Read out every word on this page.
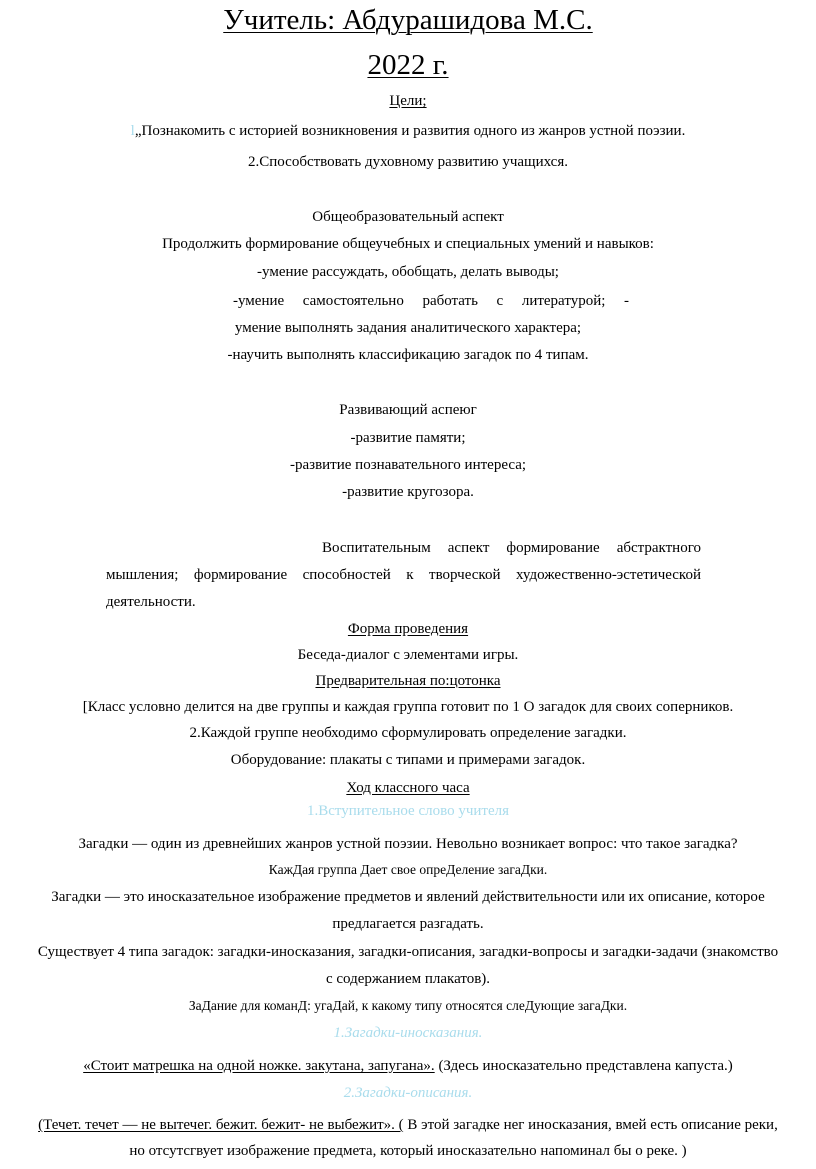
Учитель: Абдурашидова М.С.
2022 г.
Цели;
l„Познакомить с историей возникновения и развития одного из жанров устной поэзии.
2.Способствовать духовному развитию учащихся.
Общеобразовательный аспект
Продолжить формирование общеучебных и специальных умений и навыков:
-умение рассуждать, обобщать, делать выводы;
-умение самостоятельно работать с литературой; -
умение выполнять задания аналитического характера;
-научить выполнять классификацию загадок по 4 типам.
Развивающий аспеюг
-развитие памяти;
-развитие познавательного интереса;
-развитие кругозора.
Воспитательным аспект формирование абстрактного
мышления; формирование способностей к творческой художественно-эстетической
деятельности.
Форма проведения
Беседа-диалог с элементами игры.
Предварительная по:цотонка
[Класс условно делится на две группы и каждая группа готовит по 1 О загадок для своих соперников.
2.Каждой группе необходимо сформулировать определение загадки.
Оборудование: плакаты с типами и примерами загадок.
Ход классного часа
1.Вступительное слово учителя
Загадки — один из древнейших жанров устной поэзии. Невольно возникает вопрос: что такое загадка?
КажДая группа Дает свое опреДеление загаДки.
Загадки — это иносказательное изображение предметов и явлений действительности или их описание, которое
предлагается разгадать.
Существует 4 типа загадок: загадки-иносказания, загадки-описания, загадки-вопросы и загадки-задачи (знакомство
с содержанием плакатов).
ЗаДание для команД: угаДай, к какому типу относятся слеДующие загаДки.
1.Загадки-иносказания.
«Стоит матрешка на одной ножке. закутана, запугана». (Здесь иносказательно представлена капуста.)
2.Загадки-описания.
(Течет. течет — не вытечег. бежит. бежит- не выбежит». ( В этой загадке нег иносказания, вмей есть описание реки,
но отсутсгвует изображение предмета, который иносказательно напоминал бы о реке. )
